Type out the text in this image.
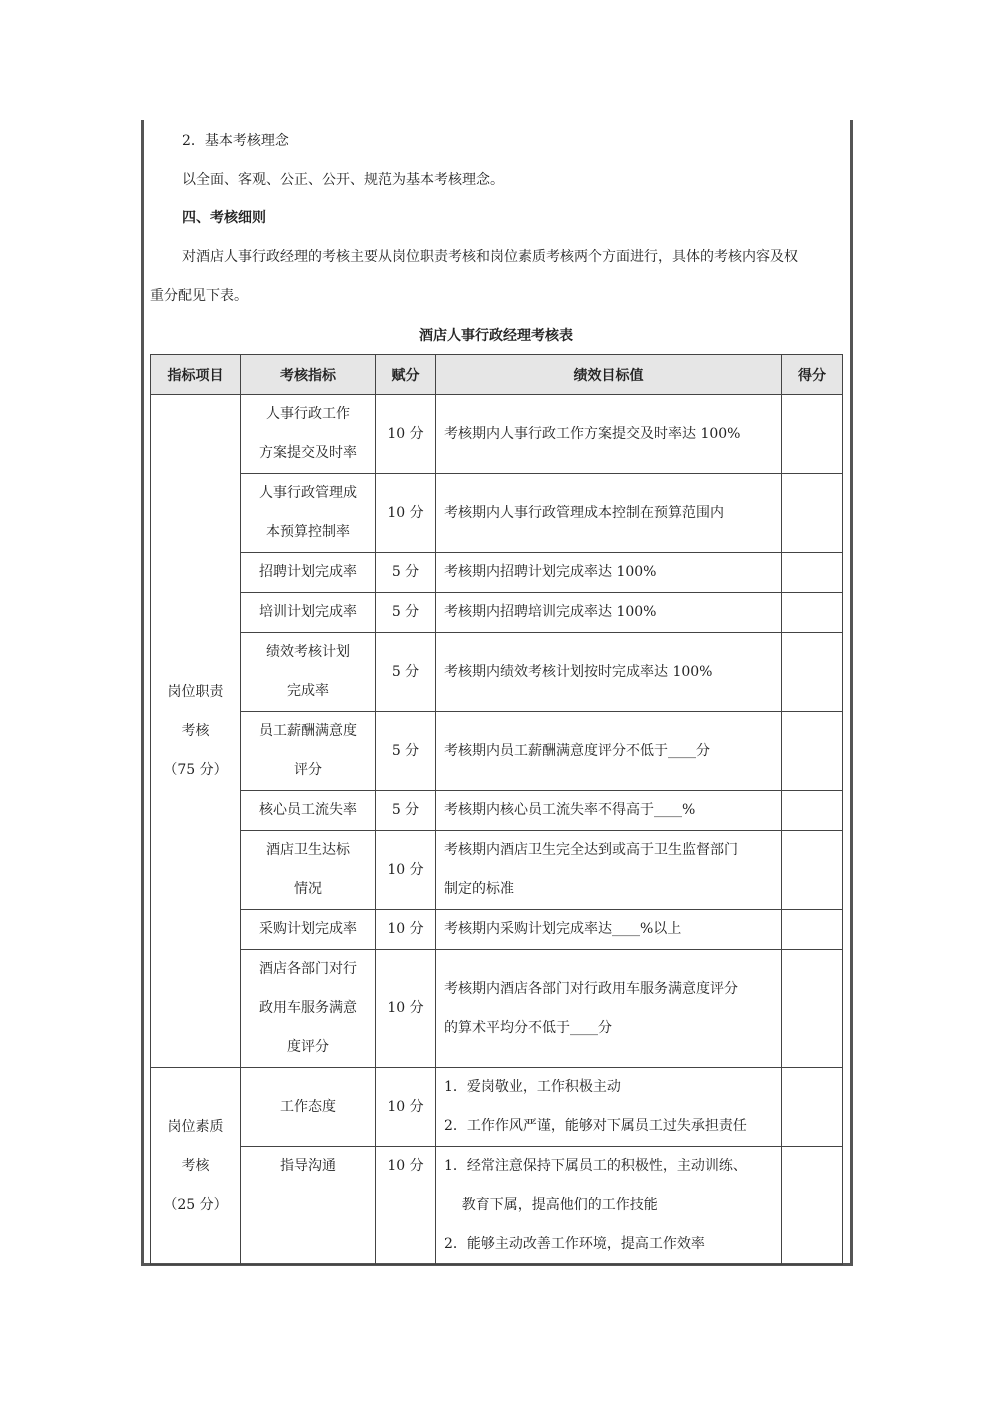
2．基本考核理念
以全面、客观、公正、公开、规范为基本考核理念。
四、考核细则
对酒店人事行政经理的考核主要从岗位职责考核和岗位素质考核两个方面进行，具体的考核内容及权
重分配见下表。
酒店人事行政经理考核表
指标项目	考核指标	赋分	绩效目标值	得分

岗位职责
考核
（75 分）	人事行政工作
方案提交及时率	10 分	考核期内人事行政工作方案提交及时率达 100%	

	人事行政管理成
本预算控制率	10 分	考核期内人事行政管理成本控制在预算范围内	
	招聘计划完成率	5 分	考核期内招聘计划完成率达 100%	
	培训计划完成率	5 分	考核期内招聘培训完成率达 100%	

	绩效考核计划
完成率	5 分	考核期内绩效考核计划按时完成率达 100%	

	员工薪酬满意度
评分	5 分	考核期内员工薪酬满意度评分不低于____分	
	核心员工流失率	5 分	考核期内核心员工流失率不得高于____%	

	酒店卫生达标
情况	10 分	考核期内酒店卫生完全达到或高于卫生监督部门
制定的标准	

	采购计划完成率	10 分	考核期内采购计划完成率达____%以上	

	酒店各部门对行
政用车服务满意
度评分	10 分	考核期内酒店各部门对行政用车服务满意度评分
的算术平均分不低于____分	

岗位素质
考核
（25 分）	工作态度	10 分	1．爱岗敬业，工作积极主动
2．工作作风严谨，能够对下属员工过失承担责任	

	指导沟通	10 分	1．经常注意保持下属员工的积极性，主动训练、
教育下属，提高他们的工作技能
2．能够主动改善工作环境，提高工作效率	
